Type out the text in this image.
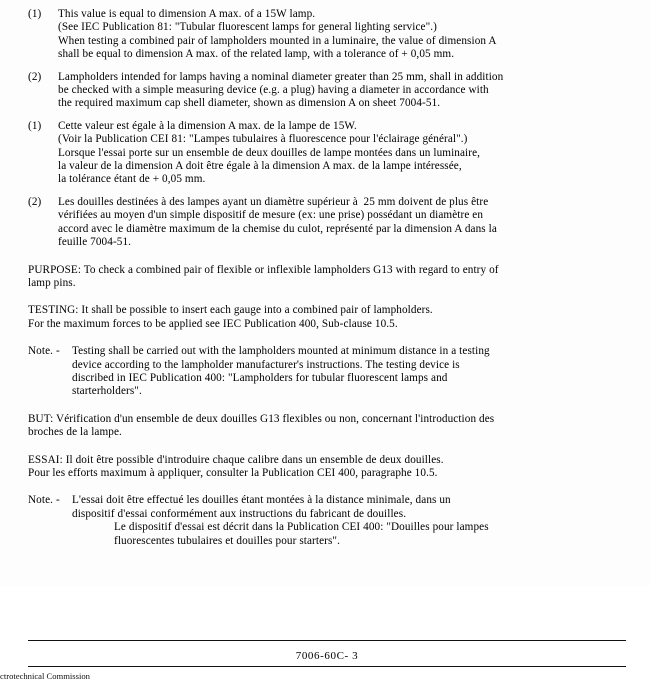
(1) This value is equal to dimension A max. of a 15W lamp.
(See IEC Publication 81: "Tubular fluorescent lamps for general lighting service".)
When testing a combined pair of lampholders mounted in a luminaire, the value of dimension A
shall be equal to dimension A max. of the related lamp, with a tolerance of + 0,05 mm.
(2) Lampholders intended for lamps having a nominal diameter greater than 25 mm, shall in addition
be checked with a simple measuring device (e.g. a plug) having a diameter in accordance with
the required maximum cap shell diameter, shown as dimension A on sheet 7004-51.
(1) Cette valeur est égale à la dimension A max. de la lampe de 15W.
(Voir la Publication CEI 81: "Lampes tubulaires à fluorescence pour l'éclairage général".)
Lorsque l'essai porte sur un ensemble de deux douilles de lampe montées dans un luminaire,
la valeur de la dimension A doit être égale à la dimension A max. de la lampe intéressée,
la tolérance étant de + 0,05 mm.
(2) Les douilles destinées à des lampes ayant un diamètre supérieur à  25 mm doivent de plus être
vérifiées au moyen d'un simple dispositif de mesure (ex: une prise) possédant un diamètre en
accord avec le diamètre maximum de la chemise du culot, représenté par la dimension A dans la
feuille 7004-51.
PURPOSE: To check a combined pair of flexible or inflexible lampholders G13 with regard to entry of
lamp pins.
TESTING: It shall be possible to insert each gauge into a combined pair of lampholders.
For the maximum forces to be applied see IEC Publication 400, Sub-clause 10.5.
Note. - Testing shall be carried out with the lampholders mounted at minimum distance in a testing
device according to the lampholder manufacturer's instructions. The testing device is
discribed in IEC Publication 400: "Lampholders for tubular fluorescent lamps and
starterholders".
BUT: Vérification d'un ensemble de deux douilles G13 flexibles ou non, concernant l'introduction des
broches de la lampe.
ESSAI: Il doit être possible d'introduire chaque calibre dans un ensemble de deux douilles.
Pour les efforts maximum à appliquer, consulter la Publication CEI 400, paragraphe 10.5.
Note. - L'essai doit être effectué les douilles étant montées à la distance minimale, dans un
dispositif d'essai conformément aux instructions du fabricant de douilles.
Le dispositif d'essai est décrit dans la Publication CEI 400: "Douilles pour lampes
fluorescentes tubulaires et douilles pour starters".
7006-60C- 3
ctrotechnical Commission
